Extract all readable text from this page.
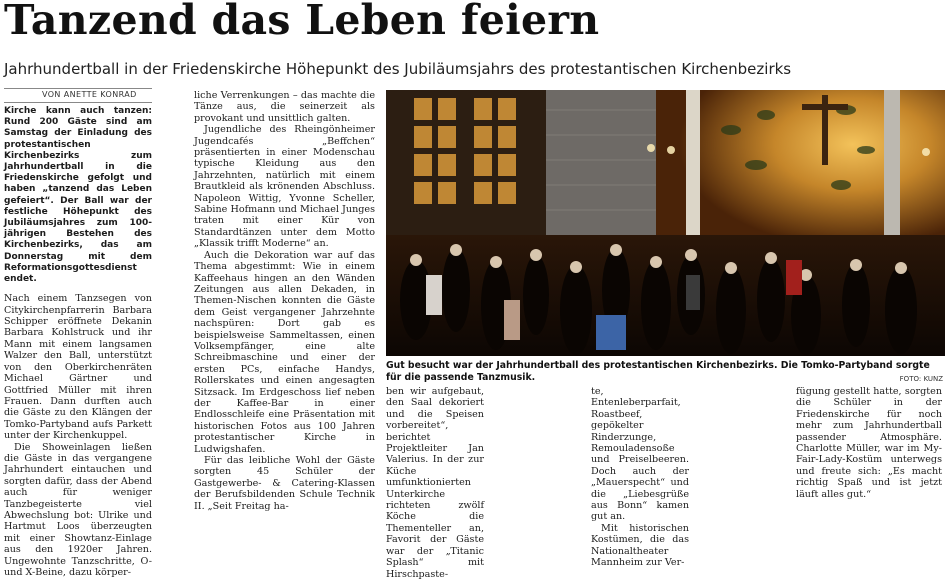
Tanzend das Leben feiern
Jahrhundertball in der Friedenskirche Höhepunkt des Jubiläumsjahrs des protestantischen Kirchenbezirks
VON ANETTE KONRAD

Kirche kann auch tanzen: Rund 200 Gäste sind am Samstag der Einladung des protestantischen Kirchenbezirks zum Jahrhundertball in die Friedenskirche gefolgt und haben „tanzend das Leben gefeiert“. Der Ball war der festliche Höhepunkt des Jubiläumsjahres zum 100-jährigen Bestehen des Kirchenbezirks, das am Donnerstag mit dem Reformationsgottesdienst endet.

Nach einem Tanzsegen von Citykirchenpfarrerin Barbara Schipper eröffnete Dekanin Barbara Kohlstruck und ihr Mann mit einem langsamen Walzer den Ball, unterstützt von den Oberkirchenräten Michael Gärtner und Gottfried Müller mit ihren Frauen. Dann durften auch die Gäste zu den Klängen der Tomko-Partyband aufs Parkett unter der Kirchenkuppel.

Die Showeinlagen ließen die Gäste in das vergangene Jahrhundert eintauchen und sorgten dafür, dass der Abend auch für weniger Tanzbegeisterte viel Abwechslung bot: Ulrike und Hartmut Loos überzeugten mit einer Showtanz-Einlage aus den 1920er Jahren. Ungewohnte Tanzschritte, O- und X-Beine, dazu körper-

liche Verrenkungen – das machte die Tänze aus, die seinerzeit als provokant und unsittlich galten.

Jugendliche des Rheingönheimer Jugendcafés „Beffchen“ präsentierten in einer Modenschau typische Kleidung aus den Jahrzehnten, natürlich mit einem Brautkleid als krönenden Abschluss. Napoleon Wittig, Yvonne Scheller, Sabine Hofmann und Michael Junges traten mit einer Kür von Standardtänzen unter dem Motto „Klassik trifft Moderne“ an.

Auch die Dekoration war auf das Thema abgestimmt: Wie in einem Kaffeehaus hingen an den Wänden Zeitungen aus allen Dekaden, in Themen-Nischen konnten die Gäste dem Geist vergangener Jahrzehnte nachspüren: Dort gab es beispielsweise Sammeltassen, einen Volksempfänger, eine alte Schreibmaschine und einer der ersten PCs, einfache Handys, Rollerskates und einen angesagten Sitzsack. Im Erdgeschoss lief neben der Kaffee-Bar in einer Endlosschleife eine Präsentation mit historischen Fotos aus 100 Jahren protestantischer Kirche in Ludwigshafen.

Für das leibliche Wohl der Gäste sorgten 45 Schüler der Gastgewerbe- & Catering-Klassen der Berufsbildenden Schule Technik II. „Seit Freitag ha-

Gut besucht war der Jahrhundertball des protestantischen Kirchenbezirks. Die Tomko-Partyband sorgte für die passende Tanzmusik.	FOTO: KUNZ

ben wir aufgebaut, den Saal dekoriert und die Speisen vorbereitet“, berichtet Projektleiter Jan Valerius. In der zur Küche umfunktionierten Unterkirche richteten zwölf Köche die Thementeller an, Favorit der Gäste war der „Titanic Splash“ mit Hirschpaste-

te, Entenleberparfait, Roastbeef, gepökelter Rinderzunge, Remouladensoße und Preiselbeeren. Doch auch der „Mauerspecht“ und die „Liebesgrüße aus Bonn“ kamen gut an.

Mit historischen Kostümen, die das Nationaltheater Mannheim zur Ver-

fügung gestellt hatte, sorgten die Schüler in der Friedenskirche für noch mehr zum Jahrhundertball passender Atmosphäre. Charlotte Müller, war im My-Fair-Lady-Kostüm unterwegs und freute sich: „Es macht richtig Spaß und ist jetzt läuft alles gut.“
